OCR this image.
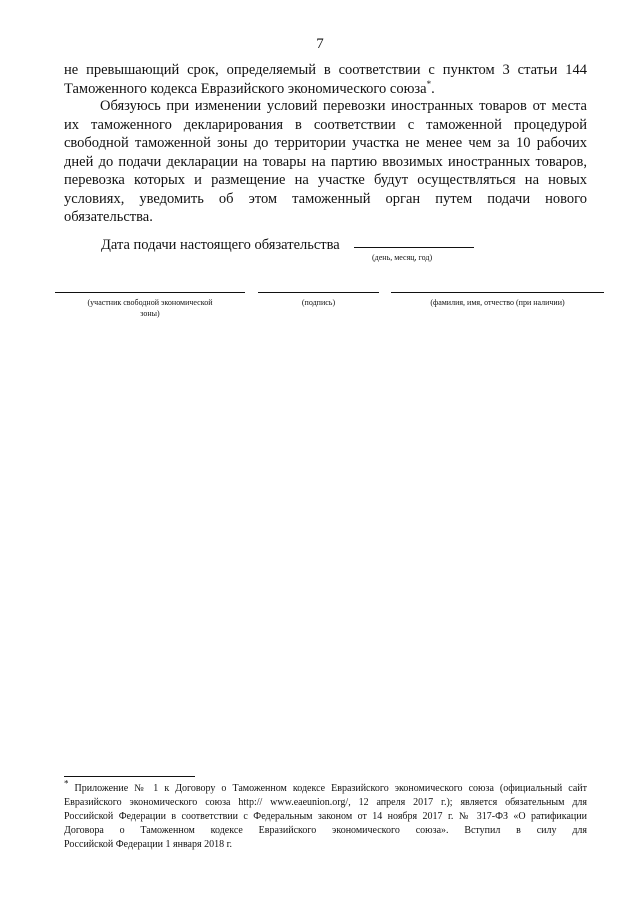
7
не превышающий срок, определяемый в соответствии с пунктом 3 статьи 144
Таможенного кодекса Евразийского экономического союза*.
Обязуюсь при изменении условий перевозки иностранных товаров от места
их таможенного декларирования в соответствии с таможенной процедурой
свободной таможенной зоны до территории участка не менее чем за 10 рабочих
дней до подачи декларации на товары на партию ввозимых иностранных товаров,
перевозка которых и размещение на участке будут осуществляться на новых
условиях, уведомить об этом таможенный орган путем подачи нового
обязательства.
Дата подачи настоящего обязательства
(день, месяц, год)
(участник свободной экономической
зоны)
(подпись)	(фамилия, имя, отчество (при наличии)
* Приложение № 1 к Договору о Таможенном кодексе Евразийского экономического союза (официальный сайт
Евразийского экономического союза http:// www.eaeunion.org/, 12 апреля 2017 г.); является обязательным для
Российской Федерации в соответствии с Федеральным законом от 14 ноября 2017 г. № 317-ФЗ «О ратификации
Договора о Таможенном кодексе Евразийского экономического союза». Вступил в силу для
Российской Федерации 1 января 2018 г.
